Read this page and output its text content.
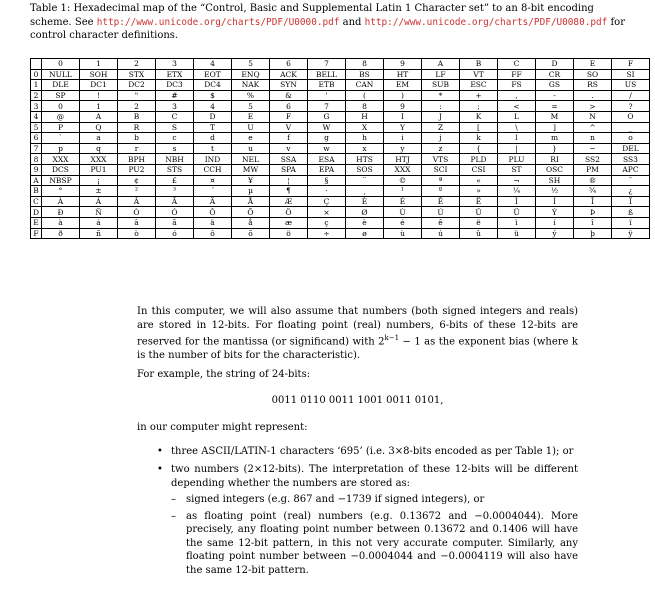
Table 1: Hexadecimal map of the “Control, Basic and Supplemental Latin 1 Character set” to an 8-bit encoding scheme. See http://www.unicode.org/charts/PDF/U0000.pdf and http://www.unicode.org/charts/PDF/U0080.pdf for control character definitions.
	0	1	2	3	4	5	6	7	8	9	A	B	C	D	E	F
0	NULL	SOH	STX	ETX	EOT	ENQ	ACK	BELL	BS	HT	LF	VT	FF	CR	SO	SI
1	DLE	DC1	DC2	DC3	DC4	NAK	SYN	ETB	CAN	EM	SUB	ESC	FS	GS	RS	US
2	SP	!	"	#	$	%	&	'	(	)	*	+	,	-	.	/
3	0	1	2	3	4	5	6	7	8	9	:	;	<	=	>	?
4	@	A	B	C	D	E	F	G	H	I	J	K	L	M	N	O
5	P	Q	R	S	T	U	V	W	X	Y	Z	[	\	]	^	_
6	`	a	b	c	d	e	f	g	h	i	j	k	l	m	n	o
7	p	q	r	s	t	u	v	w	x	y	z	{	|	}	~	DEL
8	XXX	XXX	BPH	NBH	IND	NEL	SSA	ESA	HTS	HTJ	VTS	PLD	PLU	RI	SS2	SS3
9	DCS	PU1	PU2	STS	CCH	MW	SPA	EPA	SOS	XXX	SCI	CSI	ST	OSC	PM	APC
A	NBSP	¡	¢	£	¤	¥	¦	§	¨	©	ª	«	¬	SH	®	¯
B	°	±	²	³	´	µ	¶	·	¸	¹	º	»	¼	½	¾	¿
C	À	Á	Â	Ã	Ä	Å	Æ	Ç	È	É	Ê	Ë	Ì	Í	Î	Ï
D	Ð	Ñ	Ò	Ó	Ô	Õ	Ö	×	Ø	Ù	Ú	Û	Ü	Ý	Þ	ß
E	à	á	â	ã	ä	å	æ	ç	è	é	ê	ë	ì	í	î	ï
F	ð	ñ	ò	ó	ô	õ	ö	÷	ø	ù	ú	û	ü	ý	þ	ÿ

In this computer, we will also assume that numbers (both signed integers and reals) are stored in 12-bits. For floating point (real) numbers, 6-bits of these 12-bits are reserved for the mantissa (or significand) with $2^{k-1} - 1$ as the exponent bias (where k is the number of bits for the characteristic).

For example, the string of 24-bits:

0011 0110 0011 1001 0011 0101,

in our computer might represent:

• three ASCII/LATIN-1 characters ‘695’ (i.e. 3×8-bits encoded as per Table 1); or
• two numbers (2×12-bits). The interpretation of these 12-bits will be different depending whether the numbers are stored as:
– signed integers (e.g. 867 and −1739 if signed integers), or
– as floating point (real) numbers (e.g. 0.13672 and −0.0004044). More precisely, any floating point number between 0.13672 and 0.1406 will have the same 12-bit pattern, in this not very accurate computer. Similarly, any floating point number between −0.0004044 and −0.0004119 will also have the same 12-bit pattern.
